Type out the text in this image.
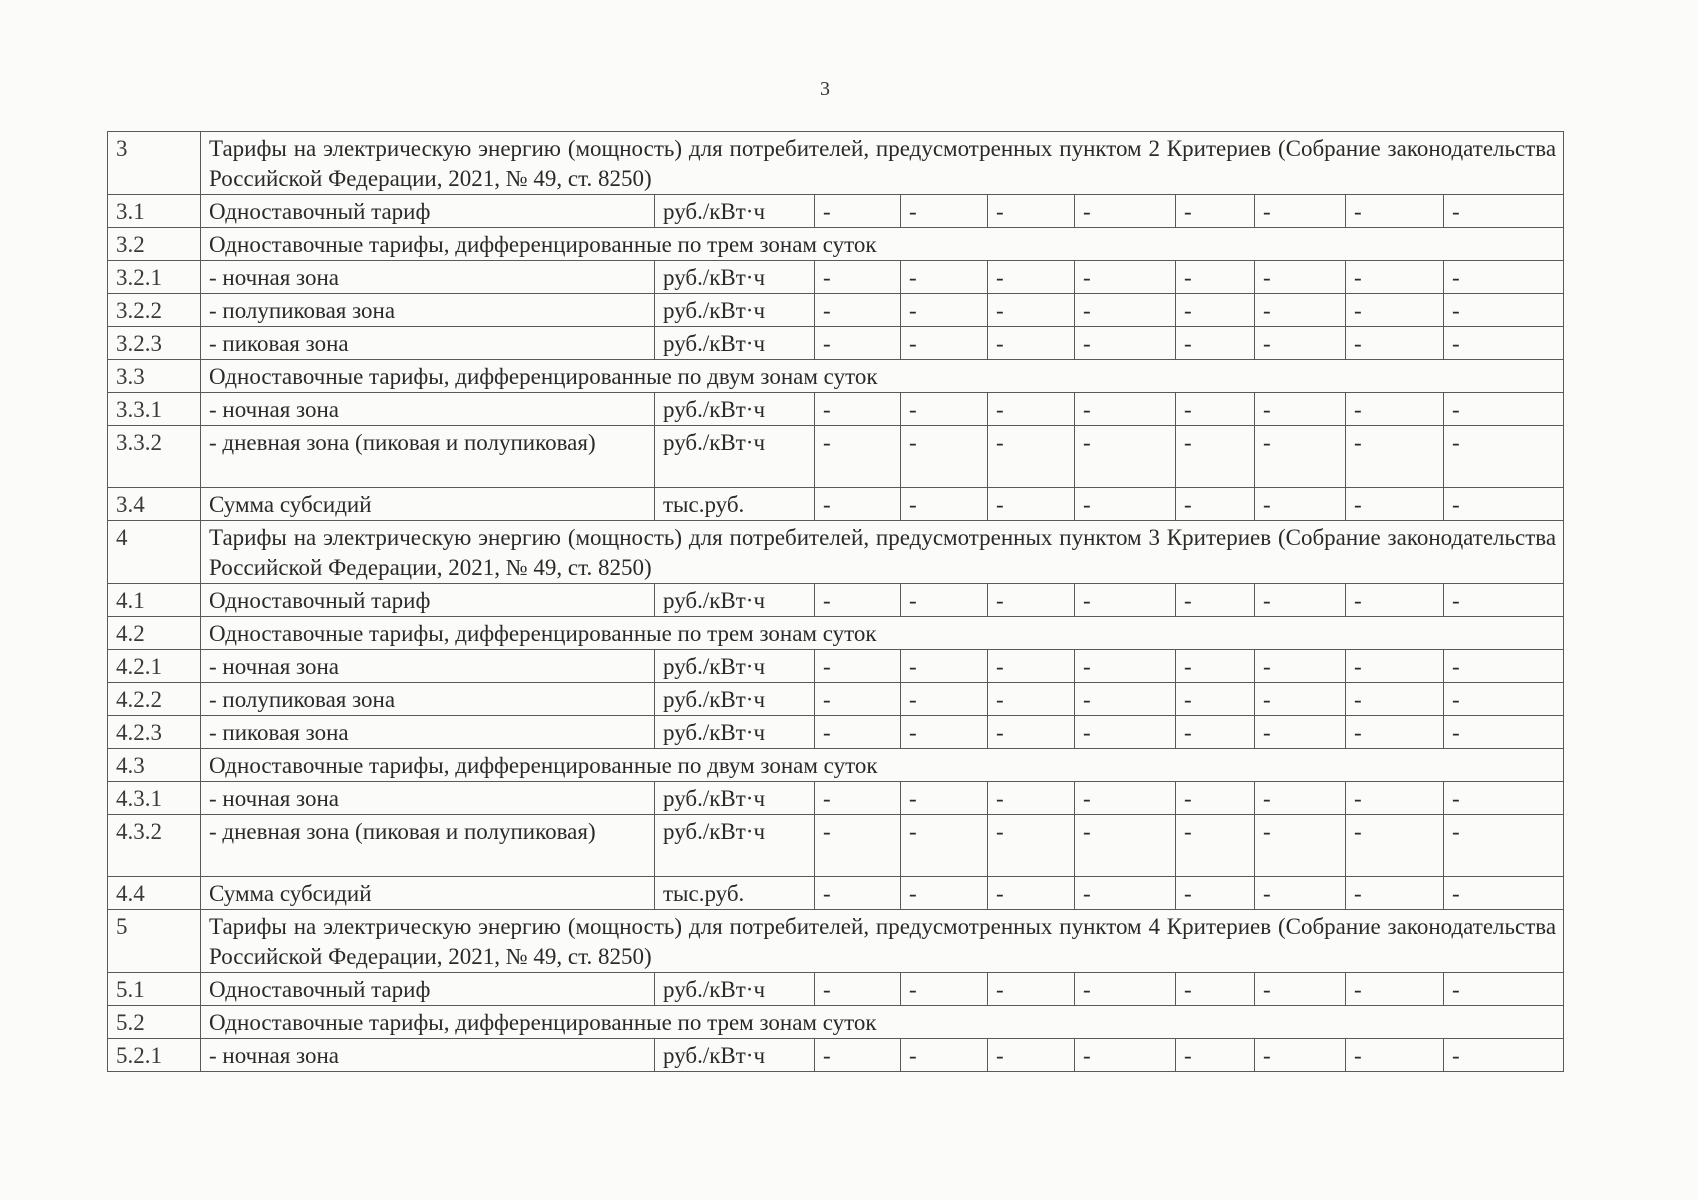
3
3	Тарифы на электрическую энергию (мощность) для потребителей, предусмотренных пунктом 2 Критериев (Собрание законодательства Российской Федерации, 2021, № 49, ст. 8250)									
3.1	Одноставочный тариф	руб./кВт·ч	-	-	-	-	-	-	-	-
3.2	Одноставочные тарифы, дифференцированные по трем зонам суток									
3.2.1	- ночная зона	руб./кВт·ч	-	-	-	-	-	-	-	-
3.2.2	- полупиковая зона	руб./кВт·ч	-	-	-	-	-	-	-	-
3.2.3	- пиковая зона	руб./кВт·ч	-	-	-	-	-	-	-	-
3.3	Одноставочные тарифы, дифференцированные по двум зонам суток									
3.3.1	- ночная зона	руб./кВт·ч	-	-	-	-	-	-	-	-
3.3.2	- дневная зона (пиковая и полупиковая)	руб./кВт·ч	-	-	-	-	-	-	-	-
3.4	Сумма субсидий	тыс.руб.	-	-	-	-	-	-	-	-
4	Тарифы на электрическую энергию (мощность) для потребителей, предусмотренных пунктом 3 Критериев (Собрание законодательства Российской Федерации, 2021, № 49, ст. 8250)									
4.1	Одноставочный тариф	руб./кВт·ч	-	-	-	-	-	-	-	-
4.2	Одноставочные тарифы, дифференцированные по трем зонам суток									
4.2.1	- ночная зона	руб./кВт·ч	-	-	-	-	-	-	-	-
4.2.2	- полупиковая зона	руб./кВт·ч	-	-	-	-	-	-	-	-
4.2.3	- пиковая зона	руб./кВт·ч	-	-	-	-	-	-	-	-
4.3	Одноставочные тарифы, дифференцированные по двум зонам суток									
4.3.1	- ночная зона	руб./кВт·ч	-	-	-	-	-	-	-	-
4.3.2	- дневная зона (пиковая и полупиковая)	руб./кВт·ч	-	-	-	-	-	-	-	-
4.4	Сумма субсидий	тыс.руб.	-	-	-	-	-	-	-	-
5	Тарифы на электрическую энергию (мощность) для потребителей, предусмотренных пунктом 4 Критериев (Собрание законодательства Российской Федерации, 2021, № 49, ст. 8250)									
5.1	Одноставочный тариф	руб./кВт·ч	-	-	-	-	-	-	-	-
5.2	Одноставочные тарифы, дифференцированные по трем зонам суток									
5.2.1	- ночная зона	руб./кВт·ч	-	-	-	-	-	-	-	-
